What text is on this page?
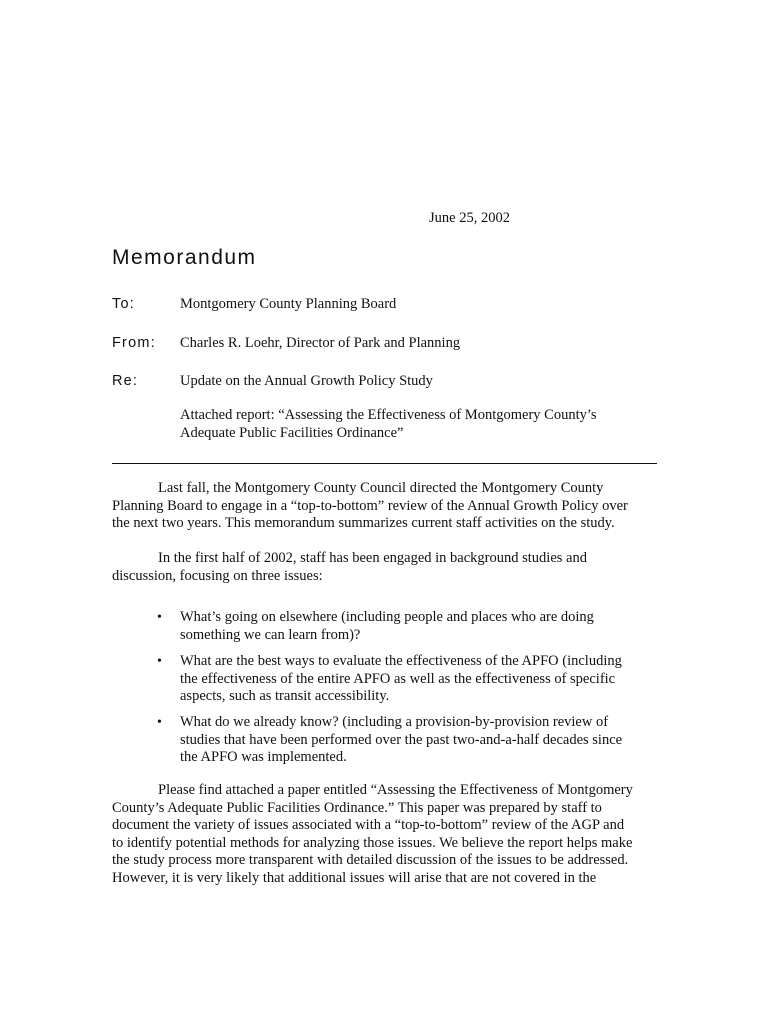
June 25, 2002
Memorandum
To:	Montgomery County Planning Board
From: Charles R. Loehr, Director of Park and Planning
Re:	Update on the Annual Growth Policy Study
Attached report: “Assessing the Effectiveness of Montgomery County’s
Adequate Public Facilities Ordinance”
Last fall, the Montgomery County Council directed the Montgomery County
Planning Board to engage in a “top-to-bottom” review of the Annual Growth Policy over
the next two years. This memorandum summarizes current staff activities on the study.
In the first half of 2002, staff has been engaged in background studies and
discussion, focusing on three issues:
• What’s going on elsewhere (including people and places who are doing
something we can learn from)?
• What are the best ways to evaluate the effectiveness of the APFO (including
the effectiveness of the entire APFO as well as the effectiveness of specific
aspects, such as transit accessibility.
• What do we already know? (including a provision-by-provision review of
studies that have been performed over the past two-and-a-half decades since
the APFO was implemented.
Please find attached a paper entitled “Assessing the Effectiveness of Montgomery
County’s Adequate Public Facilities Ordinance.” This paper was prepared by staff to
document the variety of issues associated with a “top-to-bottom” review of the AGP and
to identify potential methods for analyzing those issues. We believe the report helps make
the study process more transparent with detailed discussion of the issues to be addressed.
However, it is very likely that additional issues will arise that are not covered in the
